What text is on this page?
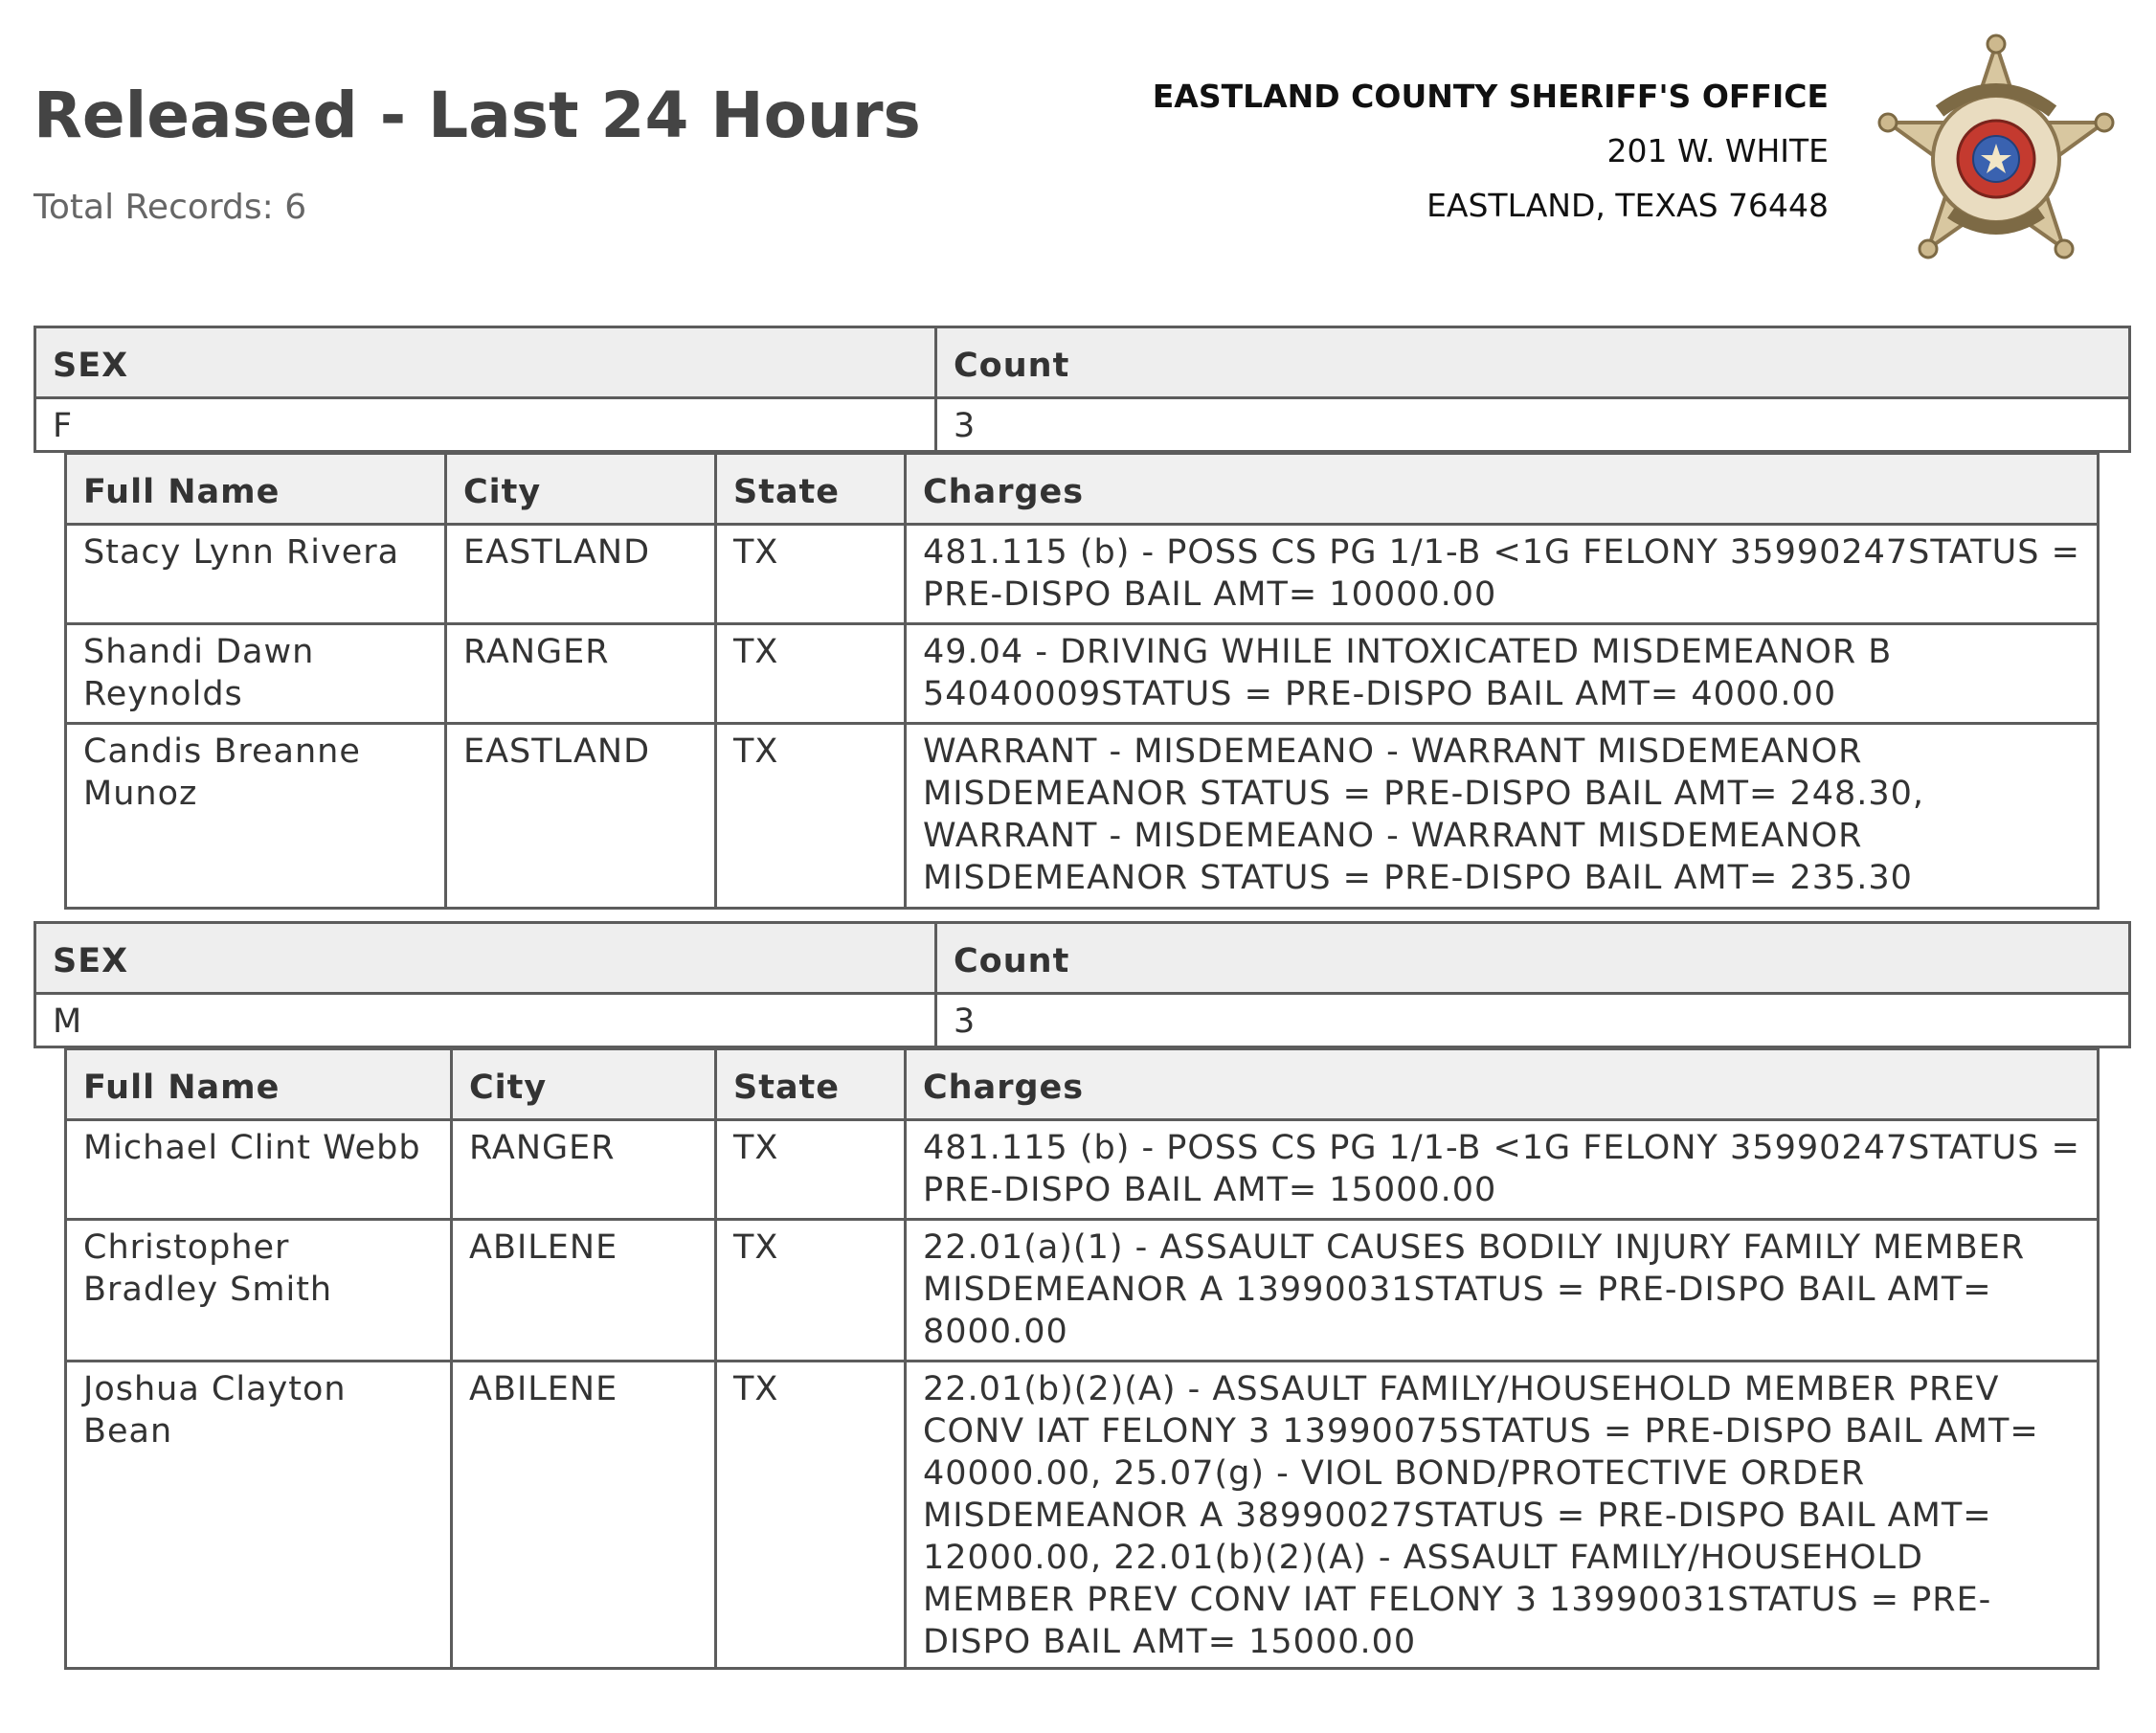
Released - Last 24 Hours
Total Records: 6
EASTLAND COUNTY SHERIFF'S OFFICE
201 W. WHITE
EASTLAND, TEXAS 76448
SEX	Count
F	3
Full Name	City	State	Charges
Stacy Lynn Rivera	EASTLAND	TX	481.115 (b) - POSS CS PG 1/1-B <1G FELONY 35990247STATUS = PRE-DISPO BAIL AMT= 10000.00
Shandi Dawn Reynolds	RANGER	TX	49.04 - DRIVING WHILE INTOXICATED MISDEMEANOR B 54040009STATUS = PRE-DISPO BAIL AMT= 4000.00
Candis Breanne Munoz	EASTLAND	TX	WARRANT - MISDEMEANO - WARRANT MISDEMEANOR MISDEMEANOR STATUS = PRE-DISPO BAIL AMT= 248.30, WARRANT - MISDEMEANO - WARRANT MISDEMEANOR MISDEMEANOR STATUS = PRE-DISPO BAIL AMT= 235.30
SEX	Count
M	3
Full Name	City	State	Charges
Michael Clint Webb	RANGER	TX	481.115 (b) - POSS CS PG 1/1-B <1G FELONY 35990247STATUS = PRE-DISPO BAIL AMT= 15000.00
Christopher Bradley Smith	ABILENE	TX	22.01(a)(1) - ASSAULT CAUSES BODILY INJURY FAMILY MEMBER MISDEMEANOR A 13990031STATUS = PRE-DISPO BAIL AMT= 8000.00
Joshua Clayton Bean	ABILENE	TX	22.01(b)(2)(A) - ASSAULT FAMILY/HOUSEHOLD MEMBER PREV CONV IAT FELONY 3 13990075STATUS = PRE-DISPO BAIL AMT= 40000.00, 25.07(g) - VIOL BOND/PROTECTIVE ORDER MISDEMEANOR A 38990027STATUS = PRE-DISPO BAIL AMT= 12000.00, 22.01(b)(2)(A) - ASSAULT FAMILY/HOUSEHOLD MEMBER PREV CONV IAT FELONY 3 13990031STATUS = PRE-DISPO BAIL AMT= 15000.00
